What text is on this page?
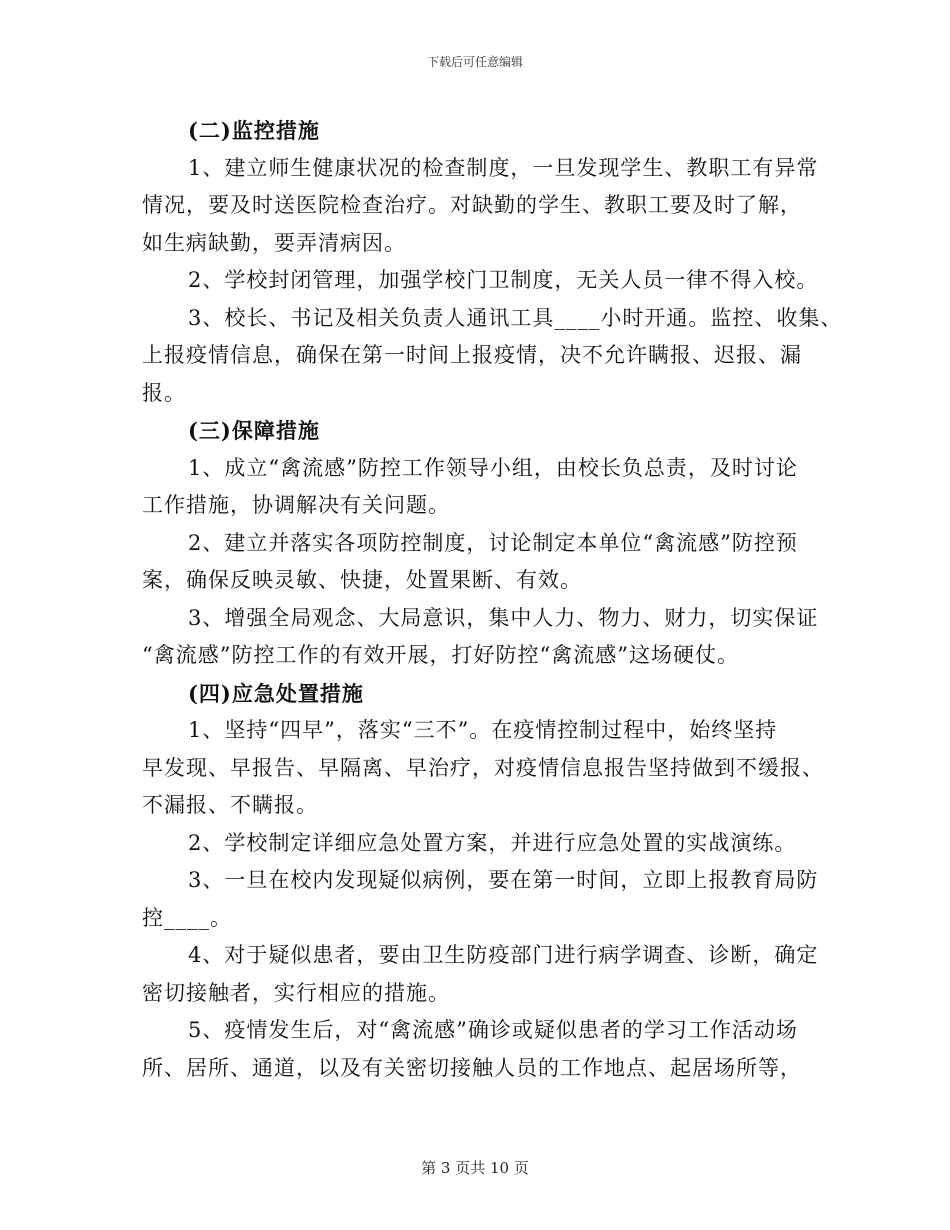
下载后可任意编辑
(二)监控措施
1、建立师生健康状况的检查制度，一旦发现学生、教职工有异常
情况，要及时送医院检查治疗。对缺勤的学生、教职工要及时了解，
如生病缺勤，要弄清病因。
2、学校封闭管理，加强学校门卫制度，无关人员一律不得入校。
3、校长、书记及相关负责人通讯工具____小时开通。监控、收集、
上报疫情信息，确保在第一时间上报疫情，决不允许瞒报、迟报、漏
报。
(三)保障措施
1、成立“禽流感”防控工作领导小组，由校长负总责，及时讨论
工作措施，协调解决有关问题。
2、建立并落实各项防控制度，讨论制定本单位“禽流感”防控预
案，确保反映灵敏、快捷，处置果断、有效。
3、增强全局观念、大局意识，集中人力、物力、财力，切实保证
“禽流感”防控工作的有效开展，打好防控“禽流感”这场硬仗。
(四)应急处置措施
1、坚持“四早”，落实“三不”。在疫情控制过程中，始终坚持
早发现、早报告、早隔离、早治疗，对疫情信息报告坚持做到不缓报、
不漏报、不瞒报。
2、学校制定详细应急处置方案，并进行应急处置的实战演练。
3、一旦在校内发现疑似病例，要在第一时间，立即上报教育局防
控____。
4、对于疑似患者，要由卫生防疫部门进行病学调查、诊断，确定
密切接触者，实行相应的措施。
5、疫情发生后，对“禽流感”确诊或疑似患者的学习工作活动场
所、居所、通道，以及有关密切接触人员的工作地点、起居场所等，
第 3 页共 10 页
